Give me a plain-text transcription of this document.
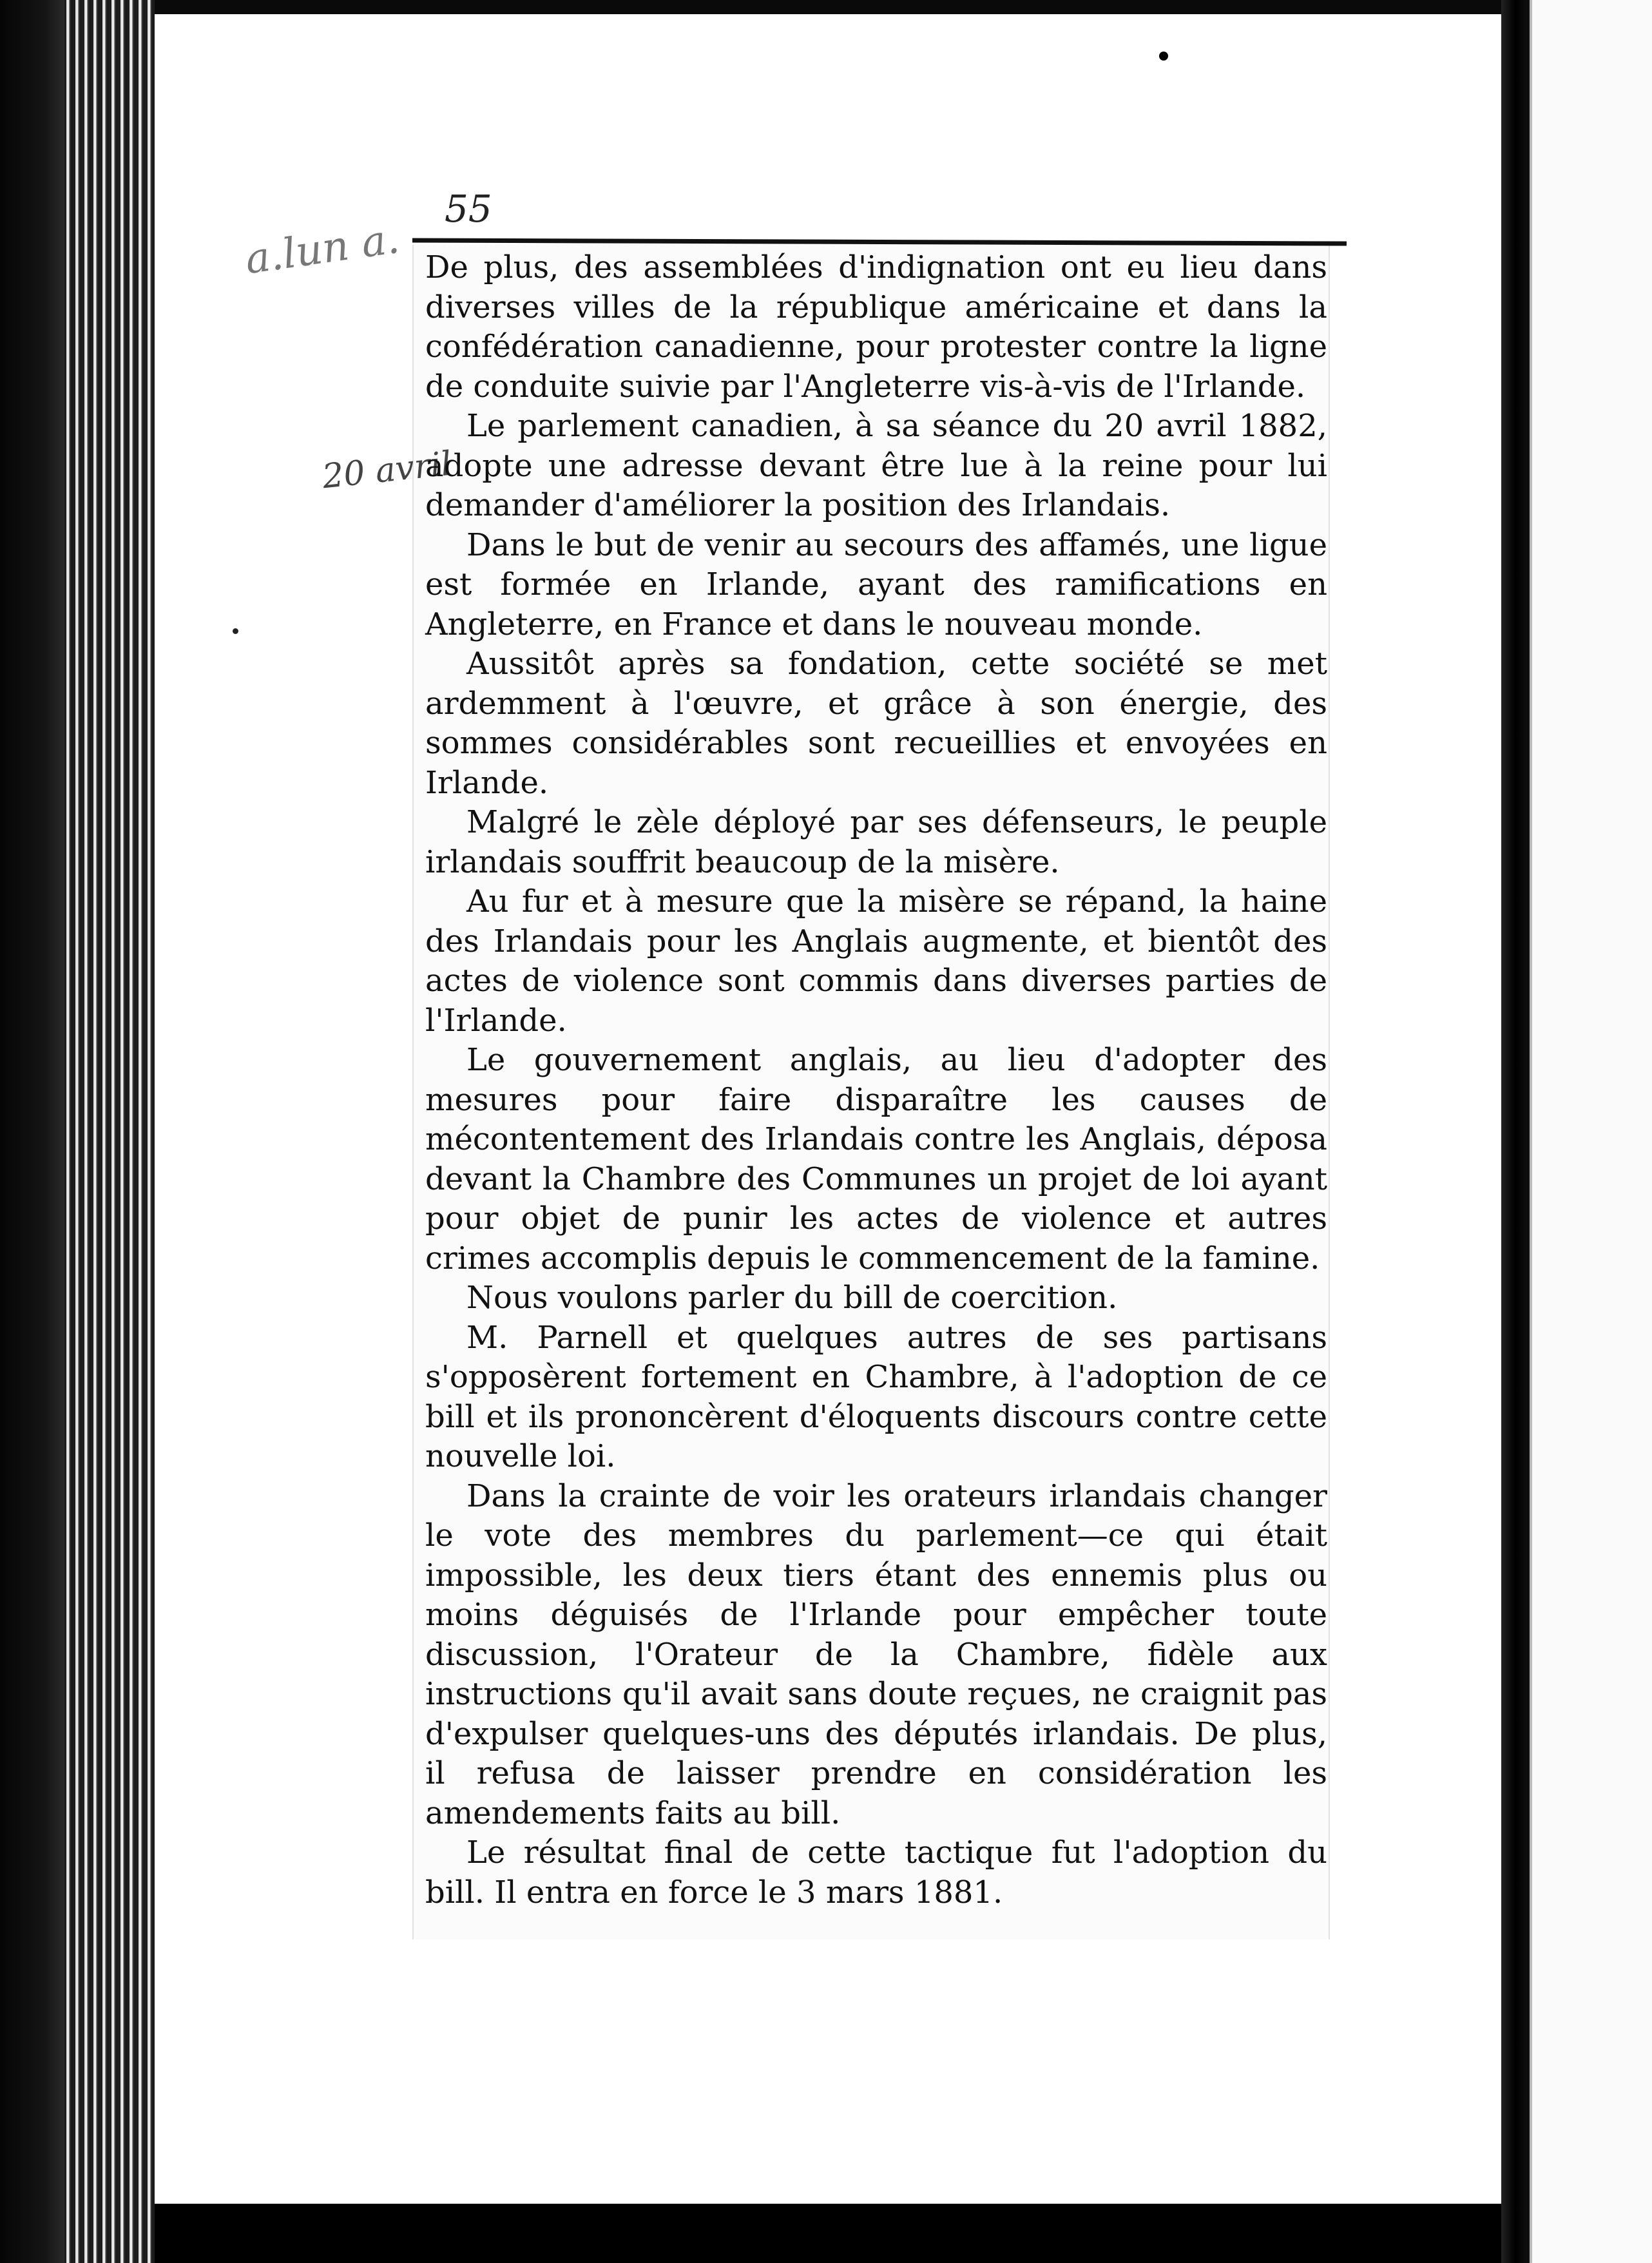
55
a.lun a.
20 avril

De plus, des assemblées d'indignation ont eu lieu dans diverses villes de la république américaine et dans la confédération canadienne, pour protester contre la ligne de conduite suivie par l'Angleterre vis-à-vis de l'Irlande.

Le parlement canadien, à sa séance du 20 avril 1882, adopte une adresse devant être lue à la reine pour lui demander d'améliorer la position des Irlandais.

Dans le but de venir au secours des affamés, une ligue est formée en Irlande, ayant des ramifications en Angleterre, en France et dans le nouveau monde.

Aussitôt après sa fondation, cette société se met ardemment à l'œuvre, et grâce à son énergie, des sommes considérables sont recueillies et envoyées en Irlande.

Malgré le zèle déployé par ses défenseurs, le peuple irlandais souffrit beaucoup de la misère.

Au fur et à mesure que la misère se répand, la haine des Irlandais pour les Anglais augmente, et bientôt des actes de violence sont commis dans diverses parties de l'Irlande.

Le gouvernement anglais, au lieu d'adopter des mesures pour faire disparaître les causes de mécontentement des Irlandais contre les Anglais, déposa devant la Chambre des Communes un projet de loi ayant pour objet de punir les actes de violence et autres crimes accomplis depuis le commencement de la famine.

Nous voulons parler du bill de coercition.

M. Parnell et quelques autres de ses partisans s'opposèrent fortement en Chambre, à l'adoption de ce bill et ils prononcèrent d'éloquents discours contre cette nouvelle loi.

Dans la crainte de voir les orateurs irlandais changer le vote des membres du parlement—ce qui était impossible, les deux tiers étant des ennemis plus ou moins déguisés de l'Irlande pour empêcher toute discussion, l'Orateur de la Chambre, fidèle aux instructions qu'il avait sans doute reçues, ne craignit pas d'expulser quelques-uns des députés irlandais. De plus, il refusa de laisser prendre en considération les amendements faits au bill.

Le résultat final de cette tactique fut l'adoption du bill. Il entra en force le 3 mars 1881.
